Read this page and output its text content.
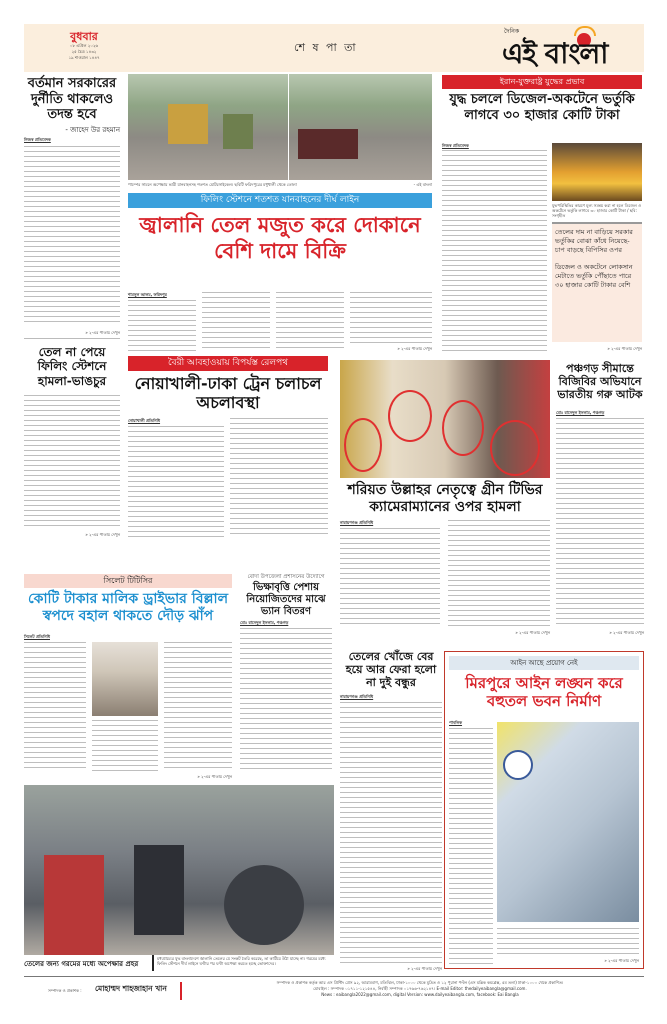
বুধবার
০৮ এপ্রিল ২০২৬
২৫ চৈত্র ১৪৩২
১৯ শাওয়াল ১৪৪৭
শে ষ পা তা
দৈনিক
এই বাংলা
বর্তমান সরকারের দুর্নীতি থাকলেও তদন্ত হবে
- জাহেদ উর রহমান
নিজস্ব প্রতিবেদক
» ২-এর পাতায় দেখুন
তেল না পেয়ে ফিলিং স্টেশনে হামলা-ভাঙচুর
» ২-এর পাতায় দেখুন
পাম্পের সামনে অপেক্ষায় ভারী যানবাহনসহ শতশত মোটরসাইকেল। ছবিটি ফরিদপুরের মধুখালী থেকে তোলা	- এই বাংলা
ফিলিং স্টেশনে শতশত যানবাহনের দীর্ঘ লাইন
জ্বালানি তেল মজুত করে দোকানে বেশি দামে বিক্রি
শামসুল আলম, ফরিদপুর
» ২-এর পাতায় দেখুন
ইরান-যুক্তরাষ্ট্র যুদ্ধের প্রভাব
যুদ্ধ চললে ডিজেল-অকটেনে ভর্তুকি লাগবে ৩০ হাজার কোটি টাকা
নিজস্ব প্রতিবেদক
যুদ্ধপরিস্থিতির কারণে মূল্য সমন্বয় করা না হলে ডিজেল ও অকটেনে ভর্তুকি লাগবে ৩০ হাজার কোটি টাকা / ছবি: সংগৃহীত
তেলের দাম না বাড়িয়ে সরকার ভর্তুকির বোঝা কাঁধে নিয়েছে-চাপ বাড়ছে বিপিসির ওপর
ডিজেল ও অকটেনে লোকসান মেটাতে ভর্তুকি পৌঁছাতে পারে ৩০ হাজার কোটি টাকার বেশি
» ২-এর পাতায় দেখুন
বৈরী আবহাওয়ায় বিপর্যস্ত রেলপথ
নোয়াখালী-ঢাকা ট্রেন চলাচল অচলাবস্থা
নোয়াখালী প্রতিনিধি
শরিয়ত উল্লাহর নেতৃত্বে গ্রীন টিভির ক্যামেরাম্যানের ওপর হামলা
নারায়ণগঞ্জ প্রতিনিধি
» ২-এর পাতায় দেখুন
পঞ্চগড় সীমান্তে বিজিবির অভিযানে ভারতীয় গরু আটক
মোঃ রাসেদুল ইসলাম, পঞ্চগড়
» ২-এর পাতায় দেখুন
সিলেট টিটিসির
কোটি টাকার মালিক ড্রাইভার বিল্লাল স্বপদে বহাল থাকতে দৌড় ঝাঁপ
সিলেট প্রতিনিধি
» ২-এর পাতায় দেখুন
বোদা উপজেলা প্রশাসনের উদ্যোগে
ভিক্ষাবৃত্তি পেশায় নিয়োজিতদের মাঝে ভ্যান বিতরণ
মোঃ রাসেদুল ইসলাম, পঞ্চগড়
তেলের খোঁজে বের হয়ে আর ফেরা হলো না দুই বন্ধুর
নারায়ণগঞ্জ প্রতিনিধি
» ২-এর পাতায় দেখুন
আইন আছে প্রয়োগ নেই
মিরপুরে আইন লঙ্ঘন করে বহুতল ভবন নির্মাণ
পাবলিক
» ২-এর পাতায় দেখুন
তেলের জন্য গরমের মধ্যে অপেক্ষার প্রহর
মধ্যপ্রাচ্যের যুদ্ধ বাংলাদেশে জ্বালানি তেলের যে সংকট তৈরি করেছে, তা কাটিয়ে উঠা যাচ্ছে না। গরমের মধ্যে ফিলিং স্টেশনে দীর্ঘ লাইনে ঘণ্টার পর ঘণ্টা অপেক্ষা করতে হচ্ছে ভোক্তাদের।
সম্পাদক ও প্রকাশক : মোহাম্মদ শাহজাহান খান
সম্পাদক ও প্রকাশক কর্তৃক আর এস প্রিন্টিং প্রেস ৯২, আরামবাগ, মতিঝিল, ঢাকা-১০০০ থেকে মুদ্রিত ও ১২ পুরানা পল্টন (এস মল্লিক কমপ্লেক্স, ৫ম তলা) ঢাকা-১০০০ থেকে প্রকাশিত।
মোবাইল : সম্পাদক ০১৭১১-১২১৫৪৪, নির্বাহী সম্পাদক ০১৭৬৬-৭৬২১৪৭। E-mail Editor: thedailyeaibangla@gmail.com.
News : eaibangla2022@gmail.com, digital Version: www.dailyeaibangla.com, facebook: Eai Bangla
